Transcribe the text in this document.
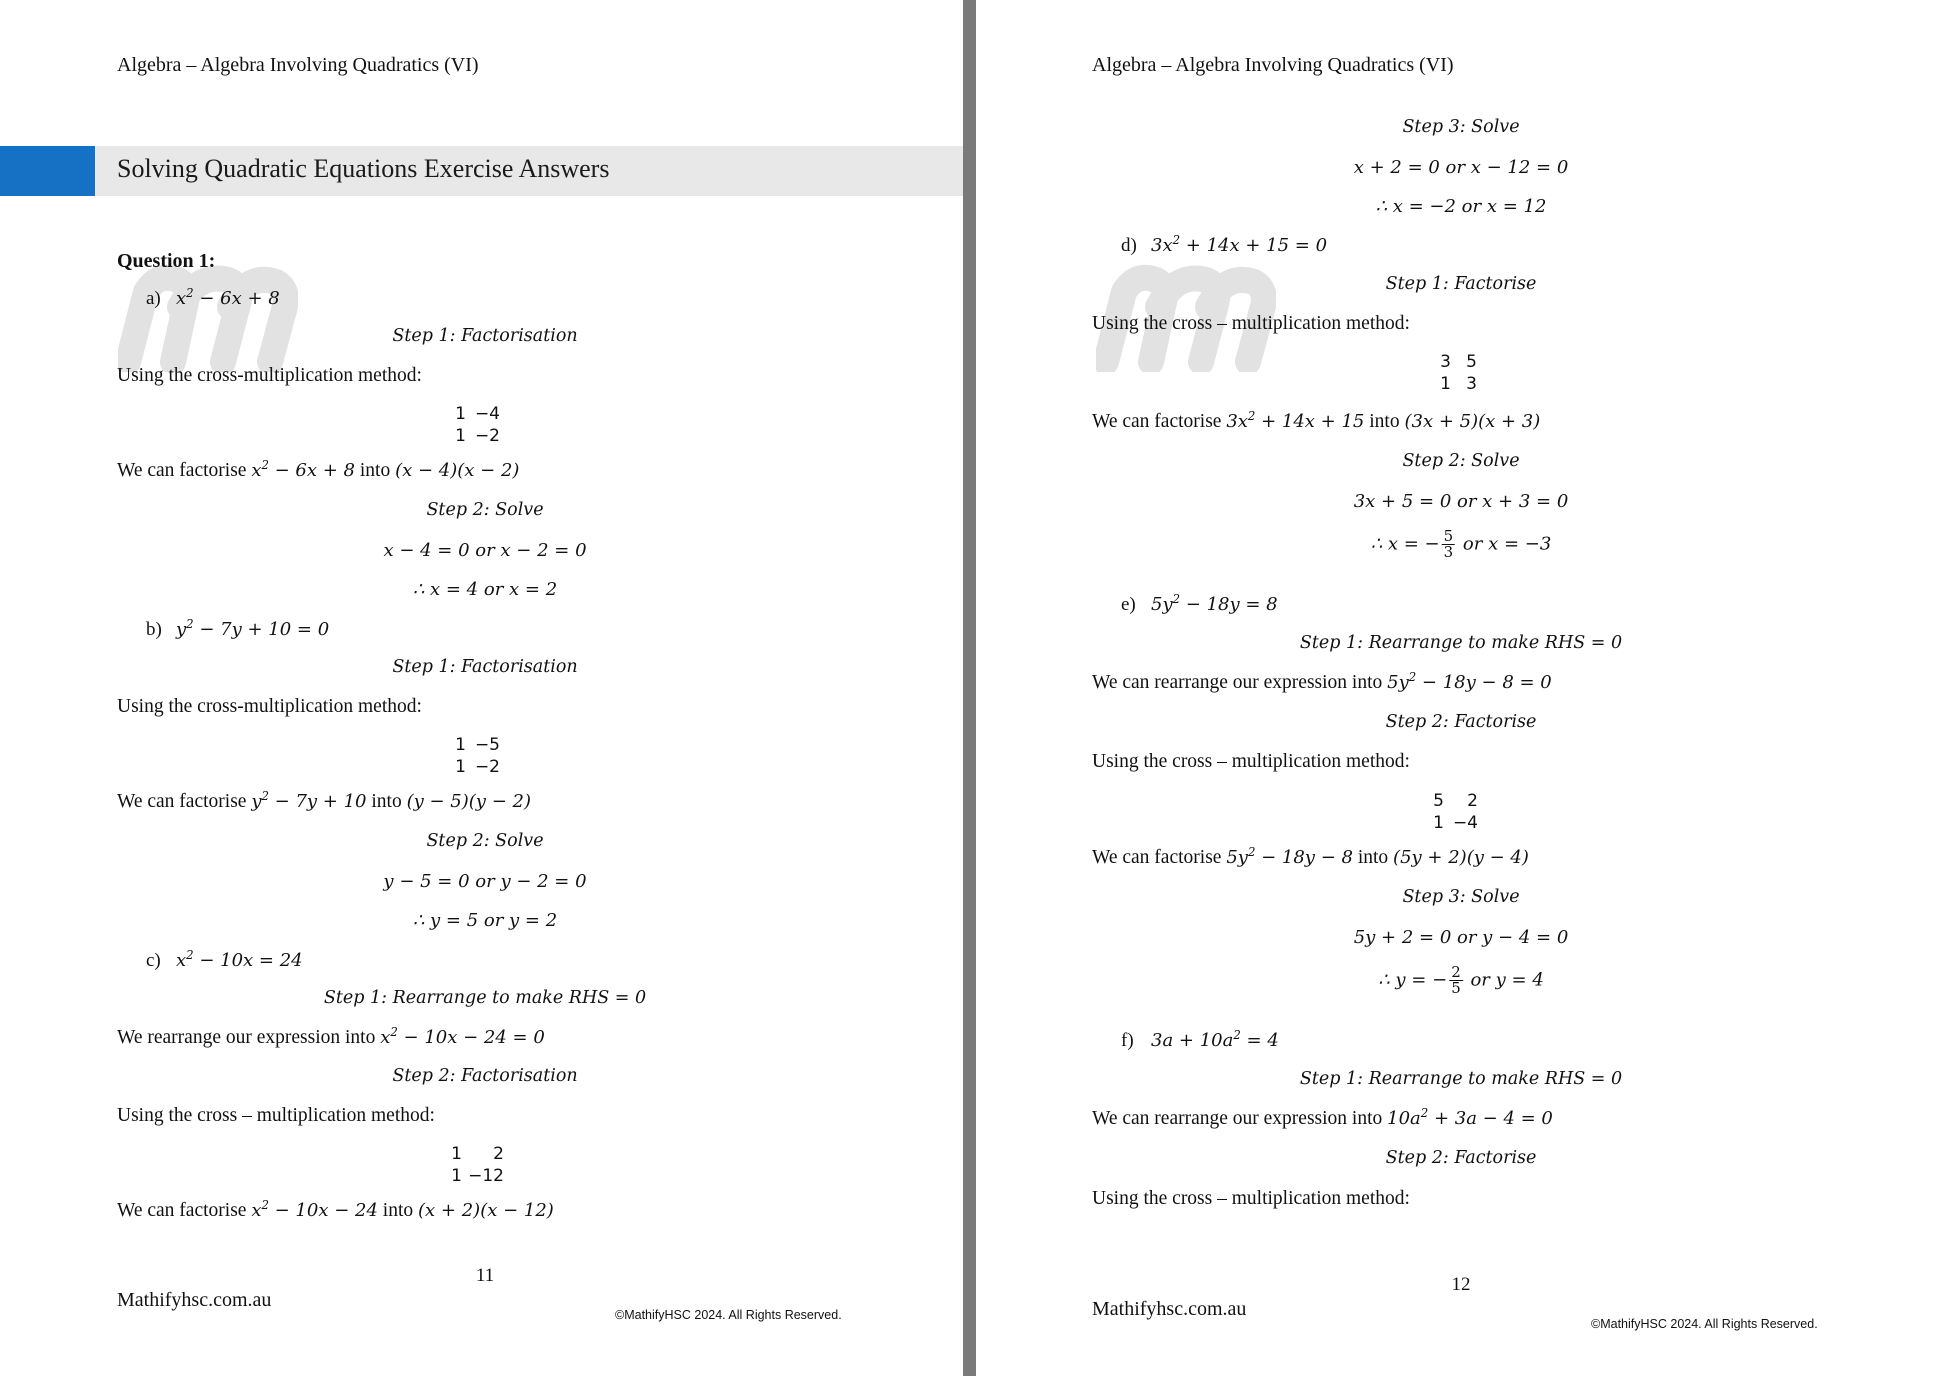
Algebra – Algebra Involving Quadratics (VI)
Solving Quadratic Equations Exercise Answers
Question 1:
a) $x^2 - 6x + 8$
Step 1: Factorisation
Using the cross-multiplication method:
1 −4
1 −2
We can factorise $x^2 - 6x + 8$ into (x − 4)(x − 2)
Step 2: Solve
x − 4 = 0 or x − 2 = 0
∴ x = 4 or x = 2
b) $y^2 - 7y + 10 = 0$
Step 1: Factorisation
Using the cross-multiplication method:
1 −5
1 −2
We can factorise $y^2 - 7y + 10$ into (y − 5)(y − 2)
Step 2: Solve
y − 5 = 0 or y − 2 = 0
∴ y = 5 or y = 2
c) $x^2 - 10x = 24$
Step 1: Rearrange to make RHS = 0
We rearrange our expression into $x^2 - 10x - 24 = 0$
Step 2: Factorisation
Using the cross – multiplication method:
1 2
1 −12
We can factorise $x^2 - 10x - 24$ into (x + 2)(x − 12)
11
Mathifyhsc.com.au
©MathifyHSC 2024. All Rights Reserved.
Algebra – Algebra Involving Quadratics (VI)
Step 3: Solve
x + 2 = 0 or x − 12 = 0
∴ x = −2 or x = 12
d) $3x^2 + 14x + 15 = 0$
Step 1: Factorise
Using the cross – multiplication method:
3 5
1 3
We can factorise $3x^2 + 14x + 15$ into (3x + 5)(x + 3)
Step 2: Solve
3x + 5 = 0 or x + 3 = 0
∴ x = − $\frac{5}{3}$ or x = −3
e) $5y^2 - 18y = 8$
Step 1: Rearrange to make RHS = 0
We can rearrange our expression into $5y^2 - 18y - 8 = 0$
Step 2: Factorise
Using the cross – multiplication method:
5 2
1 −4
We can factorise $5y^2 - 18y - 8$ into (5y + 2)(y − 4)
Step 3: Solve
5y + 2 = 0 or y − 4 = 0
∴ y = − $\frac{2}{5}$ or y = 4
f) $3a + 10a^2 = 4$
Step 1: Rearrange to make RHS = 0
We can rearrange our expression into $10a^2 + 3a - 4 = 0$
Step 2: Factorise
Using the cross – multiplication method:
12
Mathifyhsc.com.au
©MathifyHSC 2024. All Rights Reserved.
